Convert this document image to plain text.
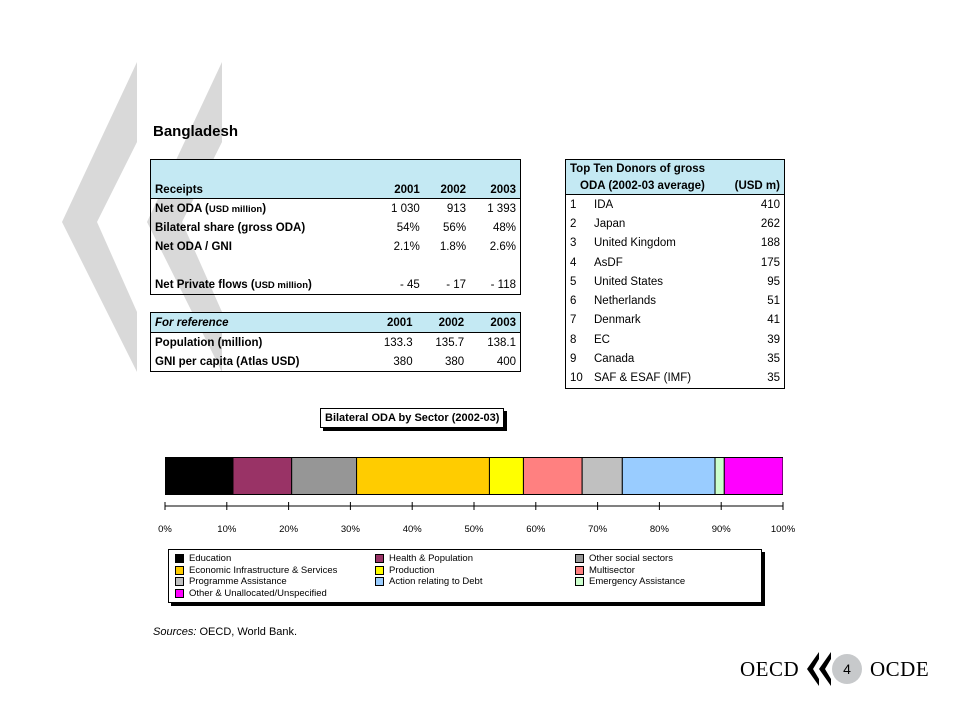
Bangladesh
Receipts	2001	2002	2003
Net ODA (USD million)	1 030	913	1 393
Bilateral share (gross ODA)	54%	56%	48%
Net ODA / GNI	2.1%	1.8%	2.6%

Net Private flows (USD million)	- 45	- 17	- 118
For reference	2001	2002	2003
Population (million)	133.3	135.7	138.1
GNI per capita (Atlas USD)	380	380	400
Top Ten Donors of gross		
ODA (2002-03 average)		(USD m)
1	IDA	410
2	Japan	262
3	United Kingdom	188
4	AsDF	175
5	United States	95
6	Netherlands	51
7	Denmark	41
8	EC	39
9	Canada	35
10	SAF & ESAF (IMF)	35
Bilateral ODA by Sector (2002-03)
0%	10%	20%	30%	40%	50%	60%	70%	80%	90%	100%
Education	Health & Population	Other social sectors
Economic Infrastructure & Services	Production	Multisector
Programme Assistance	Action relating to Debt	Emergency Assistance
Other & Unallocated/Unspecified
Sources: OECD, World Bank.
OECD	4 OCDE
